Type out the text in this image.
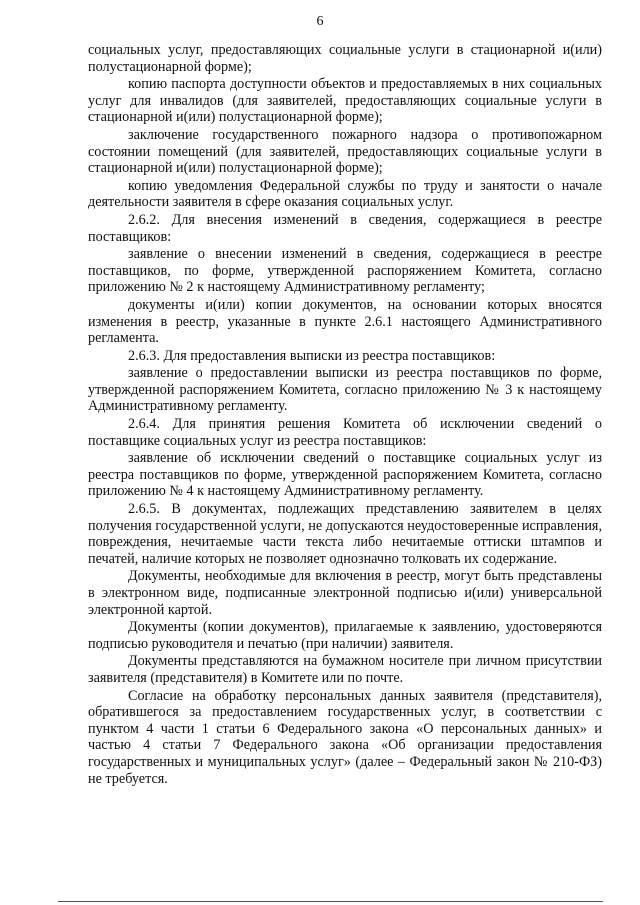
6

социальных услуг, предоставляющих социальные услуги в стационарной и(или) полустационарной форме);

копию паспорта доступности объектов и предоставляемых в них социальных услуг для инвалидов (для заявителей, предоставляющих социальные услуги в стационарной и(или) полустационарной форме);

заключение государственного пожарного надзора о противопожарном состоянии помещений (для заявителей, предоставляющих социальные услуги в стационарной и(или) полустационарной форме);

копию уведомления Федеральной службы по труду и занятости о начале деятельности заявителя в сфере оказания социальных услуг.

2.6.2. Для внесения изменений в сведения, содержащиеся в реестре поставщиков:

заявление о внесении изменений в сведения, содержащиеся в реестре поставщиков, по форме, утвержденной распоряжением Комитета, согласно приложению № 2 к настоящему Административному регламенту;

документы и(или) копии документов, на основании которых вносятся изменения в реестр, указанные в пункте 2.6.1 настоящего Административного регламента.

2.6.3. Для предоставления выписки из реестра поставщиков:

заявление о предоставлении выписки из реестра поставщиков по форме, утвержденной распоряжением Комитета, согласно приложению № 3 к настоящему Административному регламенту.

2.6.4. Для принятия решения Комитета об исключении сведений о поставщике социальных услуг из реестра поставщиков:

заявление об исключении сведений о поставщике социальных услуг из реестра поставщиков по форме, утвержденной распоряжением Комитета, согласно приложению № 4 к настоящему Административному регламенту.

2.6.5. В документах, подлежащих представлению заявителем в целях получения государственной услуги, не допускаются неудостоверенные исправления, повреждения, нечитаемые части текста либо нечитаемые оттиски штампов и печатей, наличие которых не позволяет однозначно толковать их содержание.

Документы, необходимые для включения в реестр, могут быть представлены в электронном виде, подписанные электронной подписью и(или) универсальной электронной картой.

Документы (копии документов), прилагаемые к заявлению, удостоверяются подписью руководителя и печатью (при наличии) заявителя.

Документы представляются на бумажном носителе при личном присутствии заявителя (представителя) в Комитете или по почте.

Согласие на обработку персональных данных заявителя (представителя), обратившегося за предоставлением государственных услуг, в соответствии с пунктом 4 части 1 статьи 6 Федерального закона «О персональных данных» и частью 4 статьи 7 Федерального закона «Об организации предоставления государственных и муниципальных услуг» (далее – Федеральный закон № 210-ФЗ) не требуется.
